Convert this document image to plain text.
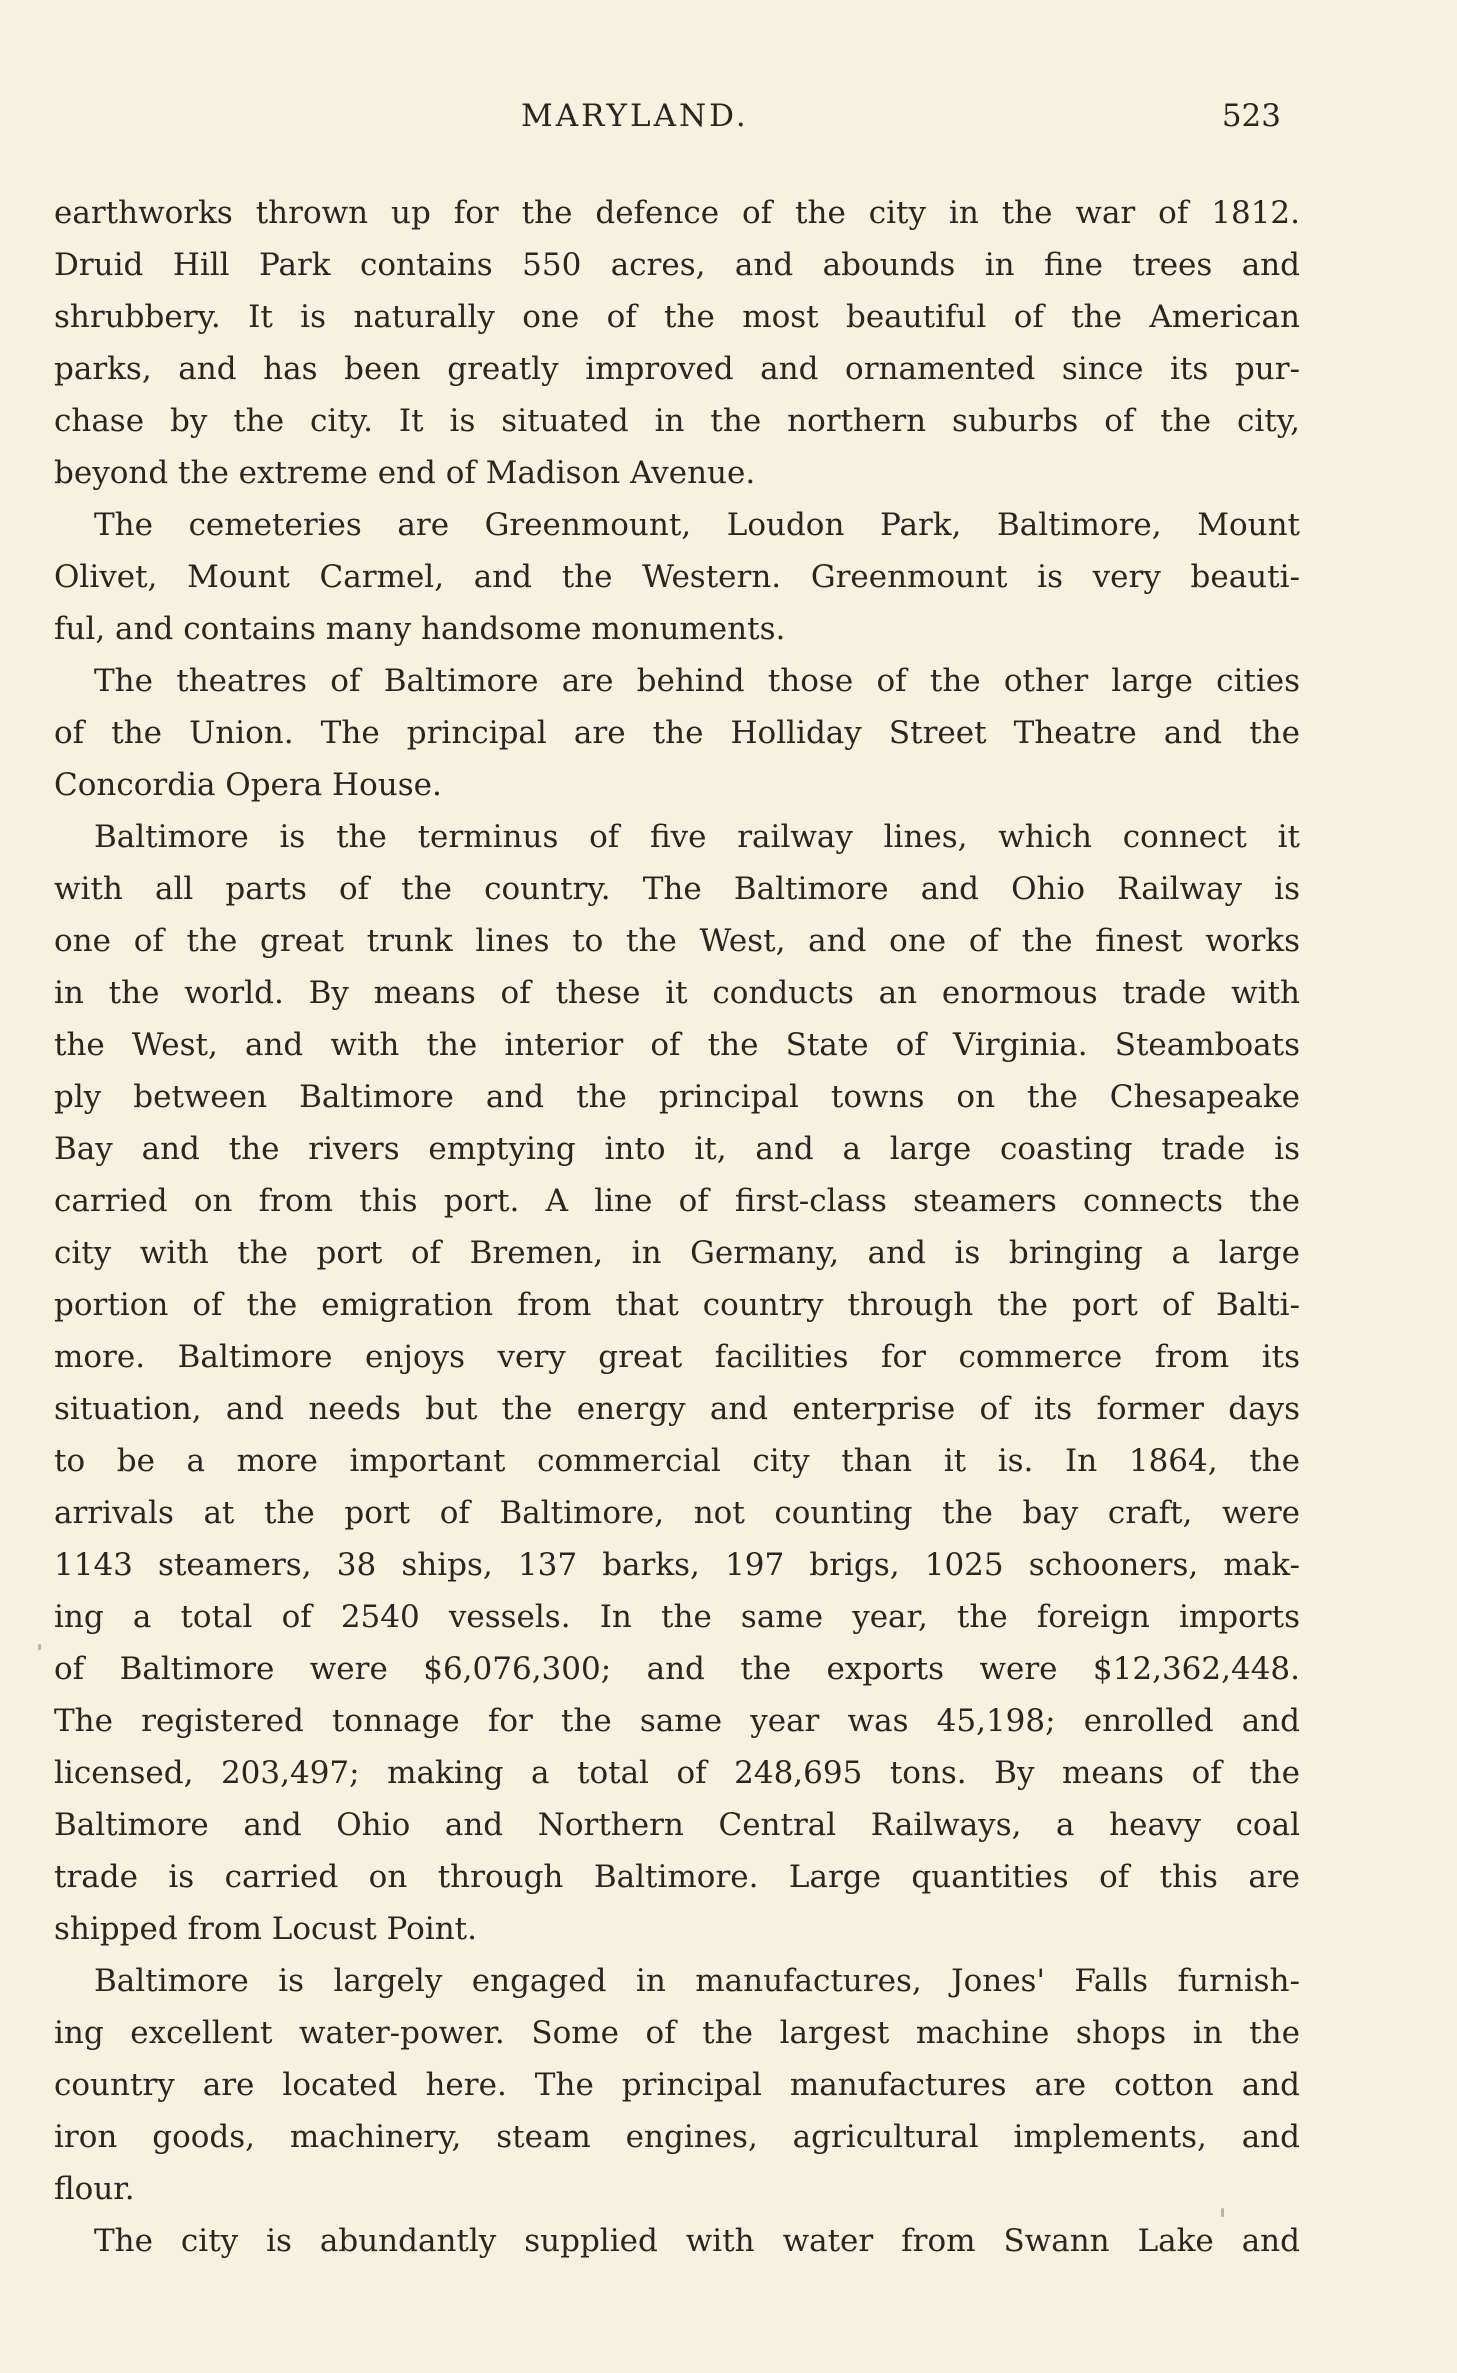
MARYLAND.	523
earthworks thrown up for the defence of the city in the war of 1812.
Druid Hill Park contains 550 acres, and abounds in fine trees and
shrubbery. It is naturally one of the most beautiful of the American
parks, and has been greatly improved and ornamented since its pur-
chase by the city. It is situated in the northern suburbs of the city,
beyond the extreme end of Madison Avenue.
The cemeteries are Greenmount, Loudon Park, Baltimore, Mount
Olivet, Mount Carmel, and the Western. Greenmount is very beauti-
ful, and contains many handsome monuments.
The theatres of Baltimore are behind those of the other large cities
of the Union. The principal are the Holliday Street Theatre and the
Concordia Opera House.
Baltimore is the terminus of five railway lines, which connect it
with all parts of the country. The Baltimore and Ohio Railway is
one of the great trunk lines to the West, and one of the finest works
in the world. By means of these it conducts an enormous trade with
the West, and with the interior of the State of Virginia. Steamboats
ply between Baltimore and the principal towns on the Chesapeake
Bay and the rivers emptying into it, and a large coasting trade is
carried on from this port. A line of first-class steamers connects the
city with the port of Bremen, in Germany, and is bringing a large
portion of the emigration from that country through the port of Balti-
more. Baltimore enjoys very great facilities for commerce from its
situation, and needs but the energy and enterprise of its former days
to be a more important commercial city than it is. In 1864, the
arrivals at the port of Baltimore, not counting the bay craft, were
1143 steamers, 38 ships, 137 barks, 197 brigs, 1025 schooners, mak-
ing a total of 2540 vessels. In the same year, the foreign imports
of Baltimore were $6,076,300; and the exports were $12,362,448.
The registered tonnage for the same year was 45,198; enrolled and
licensed, 203,497; making a total of 248,695 tons. By means of the
Baltimore and Ohio and Northern Central Railways, a heavy coal
trade is carried on through Baltimore. Large quantities of this are
shipped from Locust Point.
Baltimore is largely engaged in manufactures, Jones' Falls furnish-
ing excellent water-power. Some of the largest machine shops in the
country are located here. The principal manufactures are cotton and
iron goods, machinery, steam engines, agricultural implements, and
flour.
The city is abundantly supplied with water from Swann Lake and
